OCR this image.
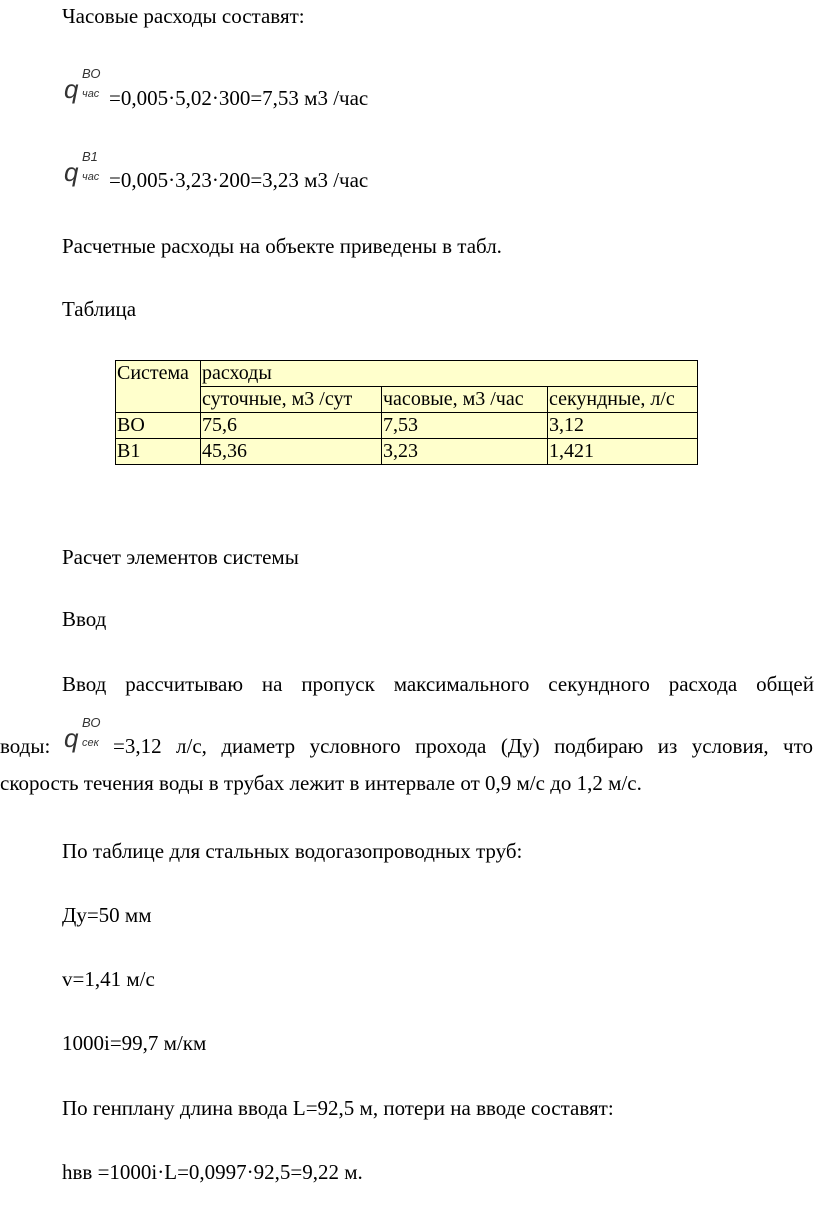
Часовые расходы составят:
q
ВО
час =0,005·5,02·300=7,53 м3 /час
q
В1
час =0,005·3,23·200=3,23 м3 /час
Расчетные расходы на объекте приведены в табл.
Таблица
Система	расходы		
	суточные, м3 /сут	часовые, м3 /час	секундные, л/с
ВО	75,6	7,53	3,12
В1	45,36	3,23	1,421
Расчет элементов системы
Ввод
Ввод рассчитываю на пропуск максимального секундного расхода общей
воды: q
ВО
сек =3,12 л/с, диаметр условного прохода (Ду) подбираю из условия, что
скорость течения воды в трубах лежит в интервале от 0,9 м/с до 1,2 м/с.
По таблице для стальных водогазопроводных труб:
Ду=50 мм
v=1,41 м/с
1000i=99,7 м/км
По генплану длина ввода L=92,5 м, потери на вводе составят:
hвв =1000i·L=0,0997·92,5=9,22 м.
